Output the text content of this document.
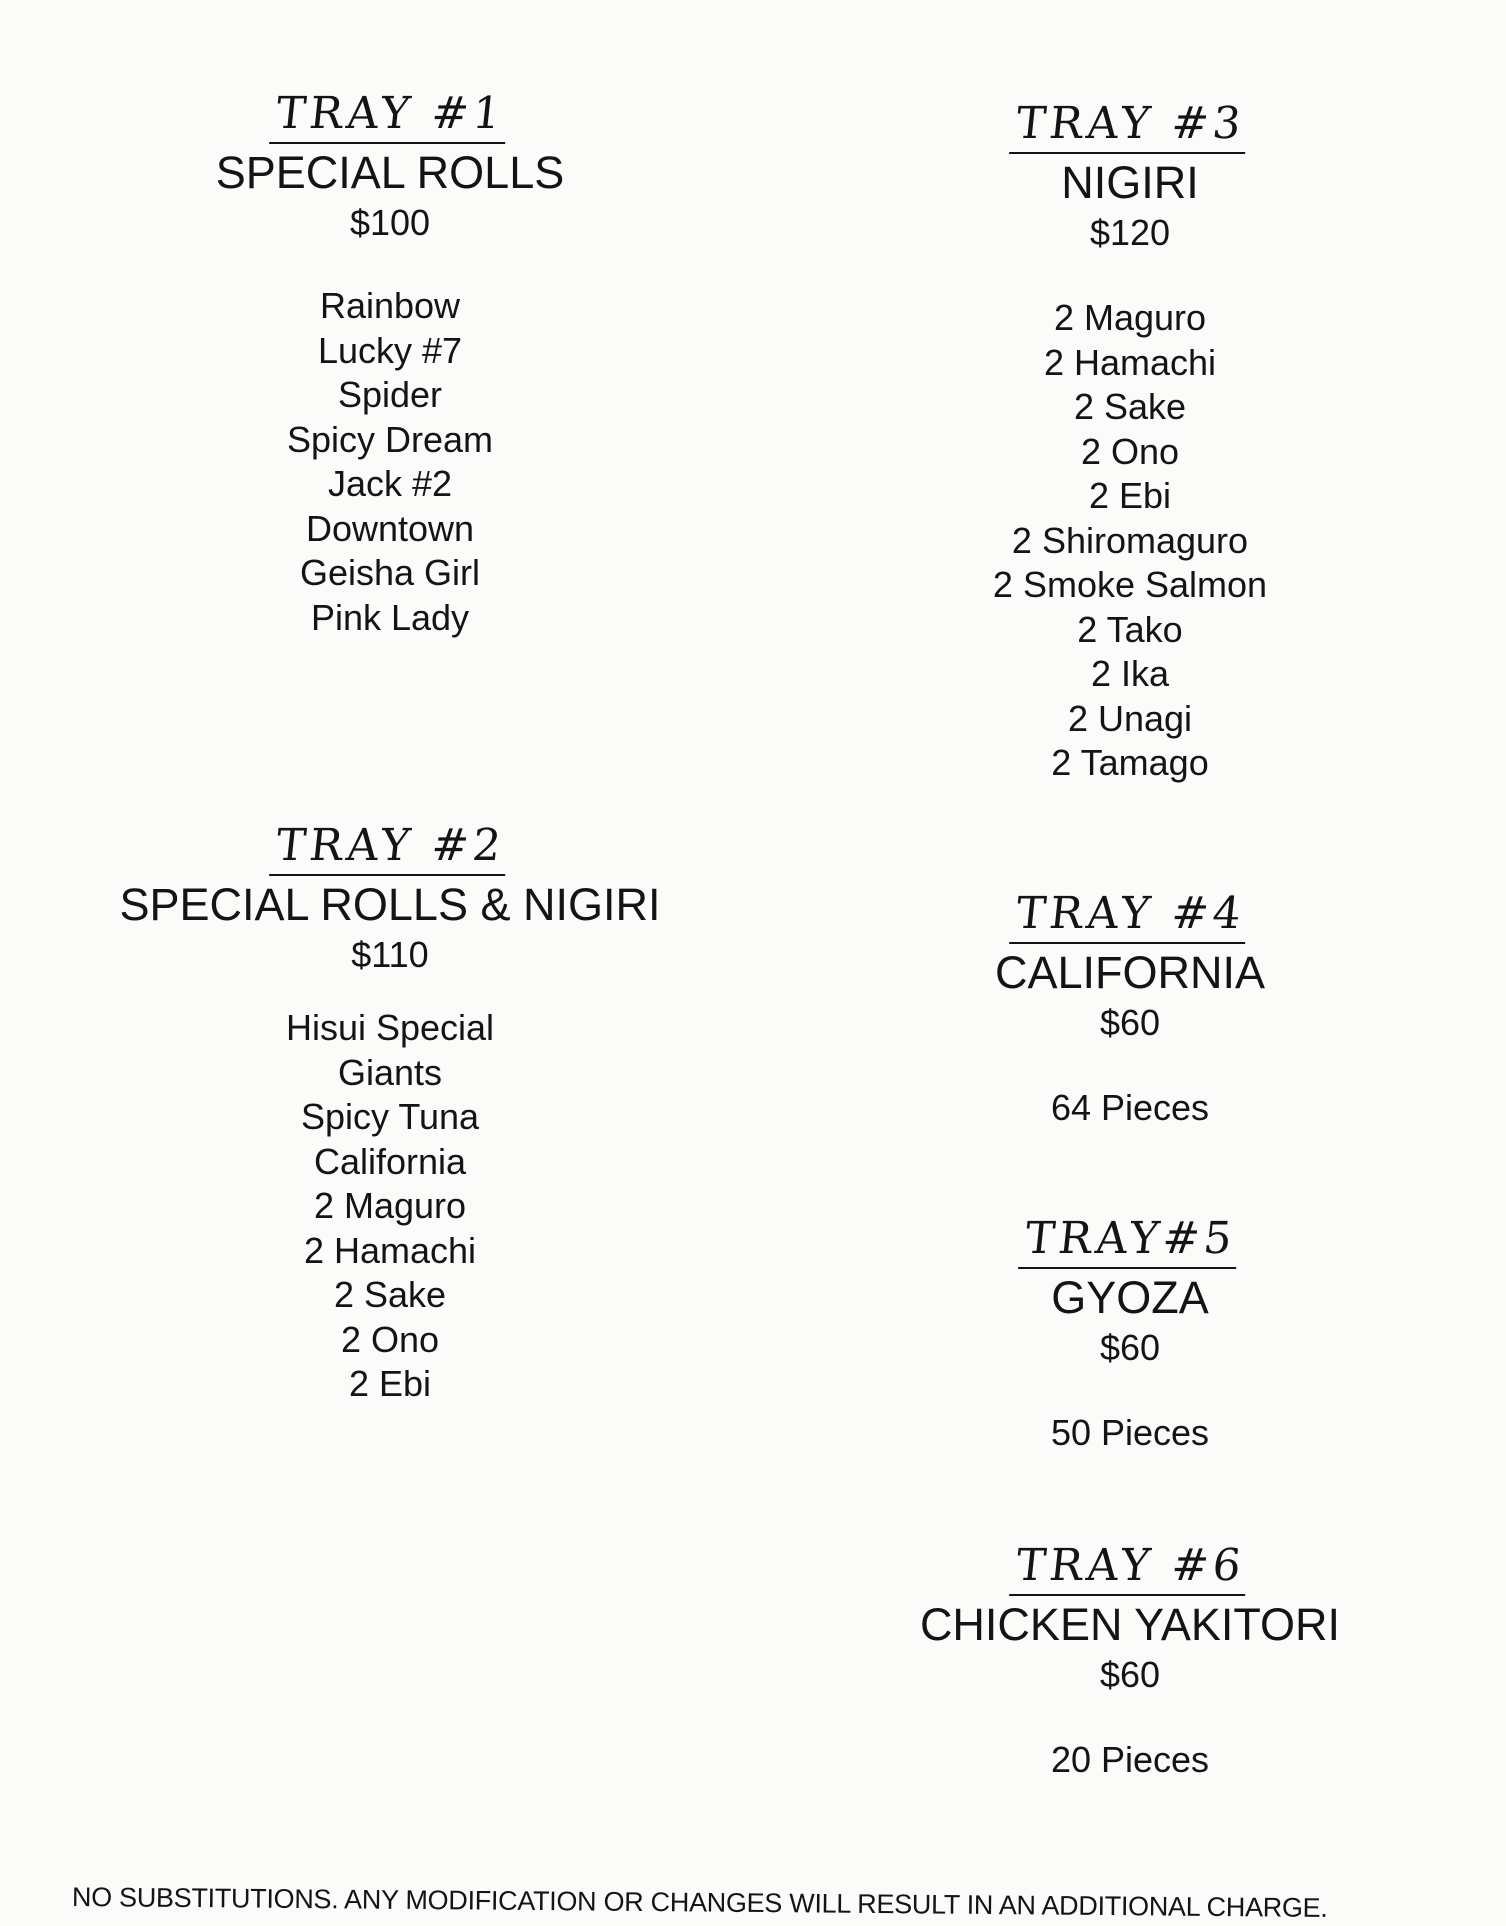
TRAY #1
SPECIAL ROLLS
$100
Rainbow
Lucky #7
Spider
Spicy Dream
Jack #2
Downtown
Geisha Girl
Pink Lady
TRAY #2
SPECIAL ROLLS & NIGIRI
$110
Hisui Special
Giants
Spicy Tuna
California
2 Maguro
2 Hamachi
2 Sake
2 Ono
2 Ebi
TRAY #3
NIGIRI
$120
2 Maguro
2 Hamachi
2 Sake
2 Ono
2 Ebi
2 Shiromaguro
2 Smoke Salmon
2 Tako
2 Ika
2 Unagi
2 Tamago
TRAY #4
CALIFORNIA
$60
64 Pieces
TRAY#5
GYOZA
$60
50 Pieces
TRAY #6
CHICKEN YAKITORI
$60
20 Pieces
NO SUBSTITUTIONS. ANY MODIFICATION OR CHANGES WILL RESULT IN AN ADDITIONAL CHARGE.
